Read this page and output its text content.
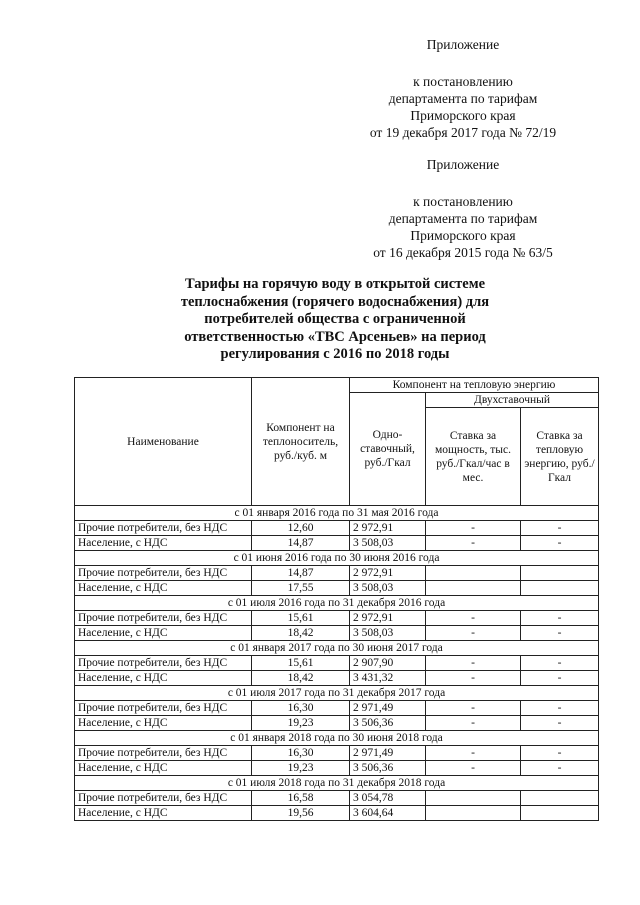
Приложение
к постановлению
департамента по тарифам
Приморского края
от 19 декабря 2017 года № 72/19
Приложение
к постановлению
департамента по тарифам
Приморского края
от 16 декабря 2015 года № 63/5
Тарифы на горячую воду в открытой системе теплоснабжения (горячего водоснабжения) для потребителей общества с ограниченной ответственностью «ТВС Арсеньев» на период регулирования с 2016 по 2018 годы
Наименование	Компонент на теплоноситель, руб./куб. м	Компонент на тепловую энергию		
		Одно-ставочный, руб./Гкал	Двухставочный	
			Ставка за мощность, тыс. руб./Гкал/час в мес.	Ставка за тепловую энергию, руб./Гкал
с 01 января 2016 года по 31 мая 2016 года				
Прочие потребители, без НДС	12,60	2 972,91	-	-
Население, с НДС	14,87	3 508,03	-	-
с 01 июня 2016 года по 30 июня 2016 года				
Прочие потребители, без НДС	14,87	2 972,91		
Население, с НДС	17,55	3 508,03		
с 01 июля 2016 года по 31 декабря 2016 года				
Прочие потребители, без НДС	15,61	2 972,91	-	-
Население, с НДС	18,42	3 508,03	-	-
с 01 января 2017 года по 30 июня 2017 года				
Прочие потребители, без НДС	15,61	2 907,90	-	-
Население, с НДС	18,42	3 431,32	-	-
с 01 июля 2017 года по 31 декабря 2017 года				
Прочие потребители, без НДС	16,30	2 971,49	-	-
Население, с НДС	19,23	3 506,36	-	-
с 01 января 2018 года по 30 июня 2018 года				
Прочие потребители, без НДС	16,30	2 971,49	-	-
Население, с НДС	19,23	3 506,36	-	-
с 01 июля 2018 года по 31 декабря 2018 года				
Прочие потребители, без НДС	16,58	3 054,78		
Население, с НДС	19,56	3 604,64		
